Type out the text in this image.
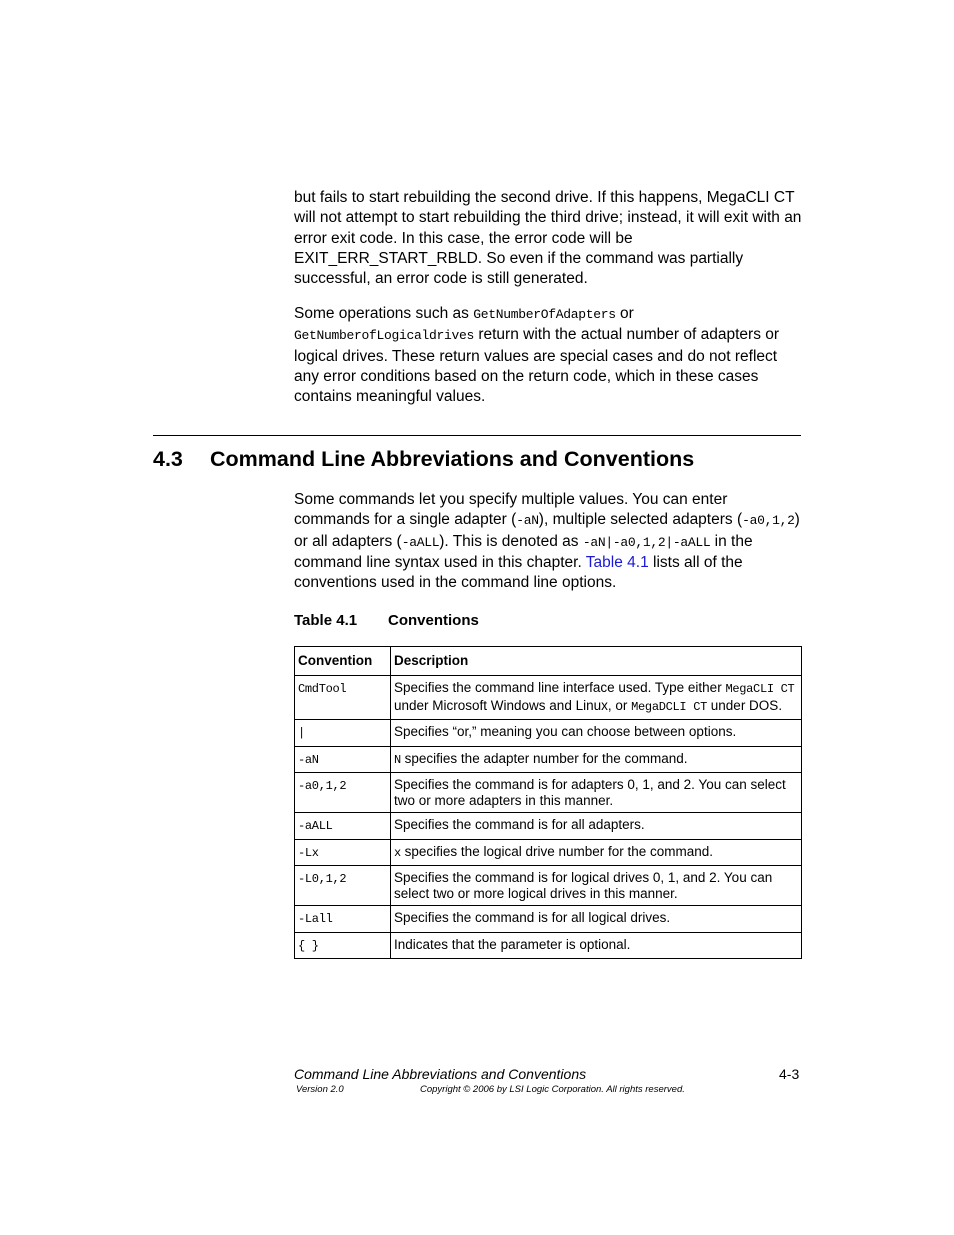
but fails to start rebuilding the second drive. If this happens, MegaCLI CT will not attempt to start rebuilding the third drive; instead, it will exit with an error exit code. In this case, the error code will be EXIT_ERR_START_RBLD. So even if the command was partially successful, an error code is still generated.

Some operations such as GetNumberOfAdapters or GetNumberofLogicaldrives return with the actual number of adapters or logical drives. These return values are special cases and do not reflect any error conditions based on the return code, which in these cases contains meaningful values.

4.3 Command Line Abbreviations and Conventions

Some commands let you specify multiple values. You can enter commands for a single adapter (-aN), multiple selected adapters (-a0,1,2) or all adapters (-aALL). This is denoted as -aN|-a0,1,2|-aALL in the command line syntax used in this chapter. Table 4.1 lists all of the conventions used in the command line options.

Table 4.1 Conventions
Convention	Description
CmdTool	Specifies the command line interface used. Type either MegaCLI CT under Microsoft Windows and Linux, or MegaDCLI CT under DOS.
|	Specifies “or,” meaning you can choose between options.
-aN	N specifies the adapter number for the command.
-a0,1,2	Specifies the command is for adapters 0, 1, and 2. You can select two or more adapters in this manner.
-aALL	Specifies the command is for all adapters.
-Lx	x specifies the logical drive number for the command.
-L0,1,2	Specifies the command is for logical drives 0, 1, and 2. You can select two or more logical drives in this manner.
-Lall	Specifies the command is for all logical drives.
{ }	Indicates that the parameter is optional.
Command Line Abbreviations and Conventions	4-3
Version 2.0	Copyright © 2006 by LSI Logic Corporation. All rights reserved.
